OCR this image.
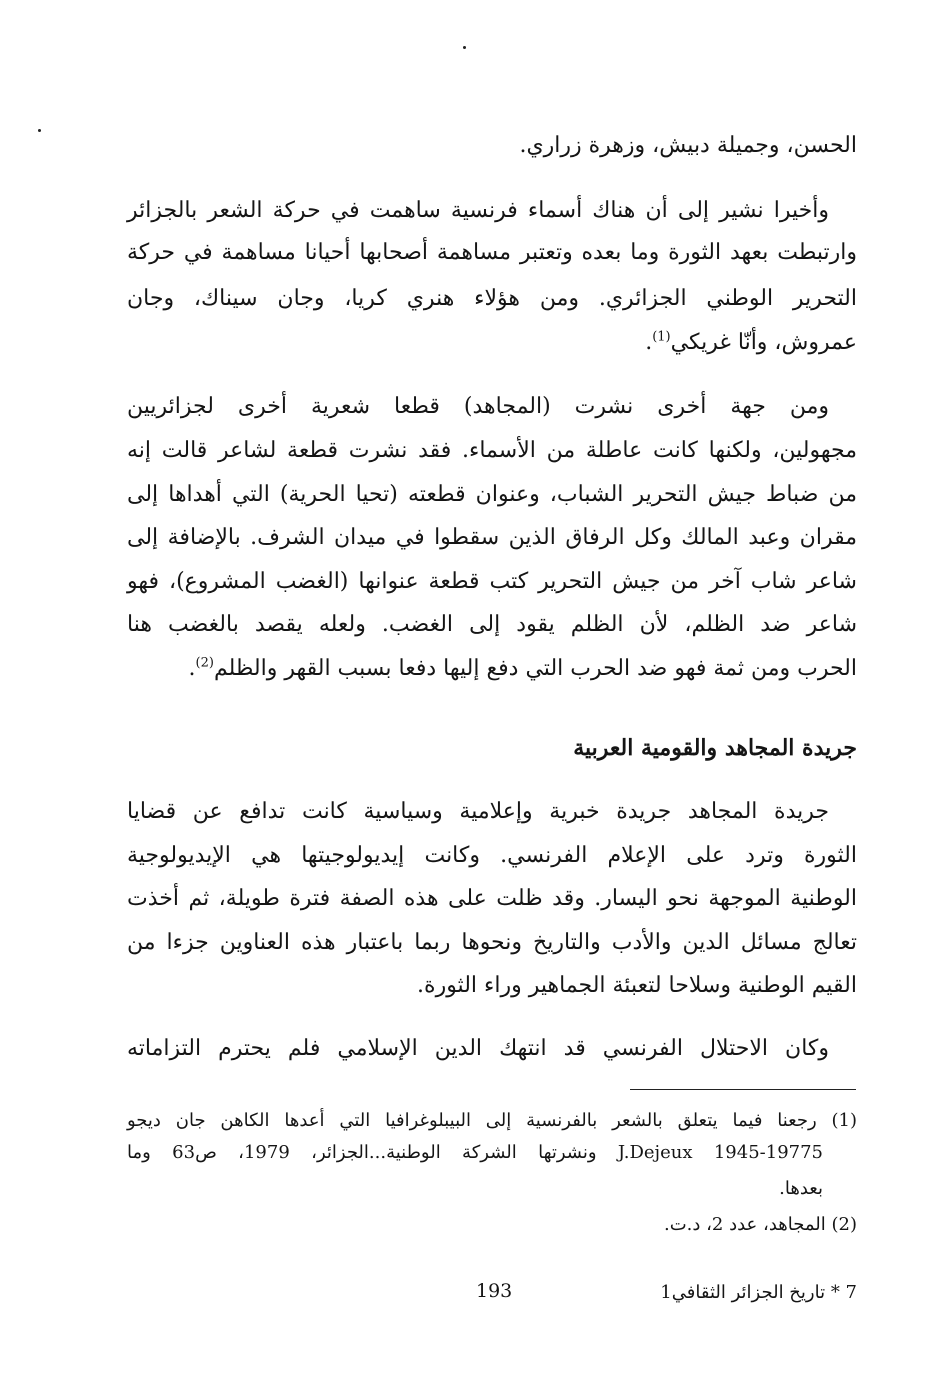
الحسن، وجميلة دبيش، وزهرة زراري.
وأخيرا نشير إلى أن هناك أسماء فرنسية ساهمت في حركة الشعر بالجزائر
وارتبطت بعهد الثورة وما بعده وتعتبر مساهمة أصحابها أحيانا مساهمة في حركة
التحرير الوطني الجزائري. ومن هؤلاء هنري كريا، وجان سيناك، وجان
عمروش، وأنّا غريكي$^{(1)}$.
ومن جهة أخرى نشرت (المجاهد) قطعا شعرية أخرى لجزائريين
مجهولين، ولكنها كانت عاطلة من الأسماء. فقد نشرت قطعة لشاعر قالت إنه
من ضباط جيش التحرير الشباب، وعنوان قطعته (تحيا الحرية) التي أهداها إلى
مقران وعبد المالك وكل الرفاق الذين سقطوا في ميدان الشرف. بالإضافة إلى
شاعر شاب آخر من جيش التحرير كتب قطعة عنوانها (الغضب المشروع)، فهو
شاعر ضد الظلم، لأن الظلم يقود إلى الغضب. ولعله يقصد بالغضب هنا
الحرب ومن ثمة فهو ضد الحرب التي دفع إليها دفعا بسبب القهر والظلم$^{(2)}$.
جريدة المجاهد والقومية العربية
جريدة المجاهد جريدة خبرية وإعلامية وسياسية كانت تدافع عن قضايا
الثورة وترد على الإعلام الفرنسي. وكانت إيديولوجيتها هي الإيديولوجية
الوطنية الموجهة نحو اليسار. وقد ظلت على هذه الصفة فترة طويلة، ثم أخذت
تعالج مسائل الدين والأدب والتاريخ ونحوها ربما باعتبار هذه العناوين جزءا من
القيم الوطنية وسلاحا لتعبئة الجماهير وراء الثورة.
وكان الاحتلال الفرنسي قد انتهك الدين الإسلامي فلم يحترم التزاماته
(1) رجعنا فيما يتعلق بالشعر بالفرنسية إلى البيبلوغرافيا التي أعدها الكاهن جان ديجو
J.Dejeux 1945-19775 ونشرتها الشركة الوطنية...الجزائر، 1979، ص63 وما
بعدها.
(2) المجاهد، عدد 2، د.ت.
7 * تاريخ الجزائر الثقافي1
193
